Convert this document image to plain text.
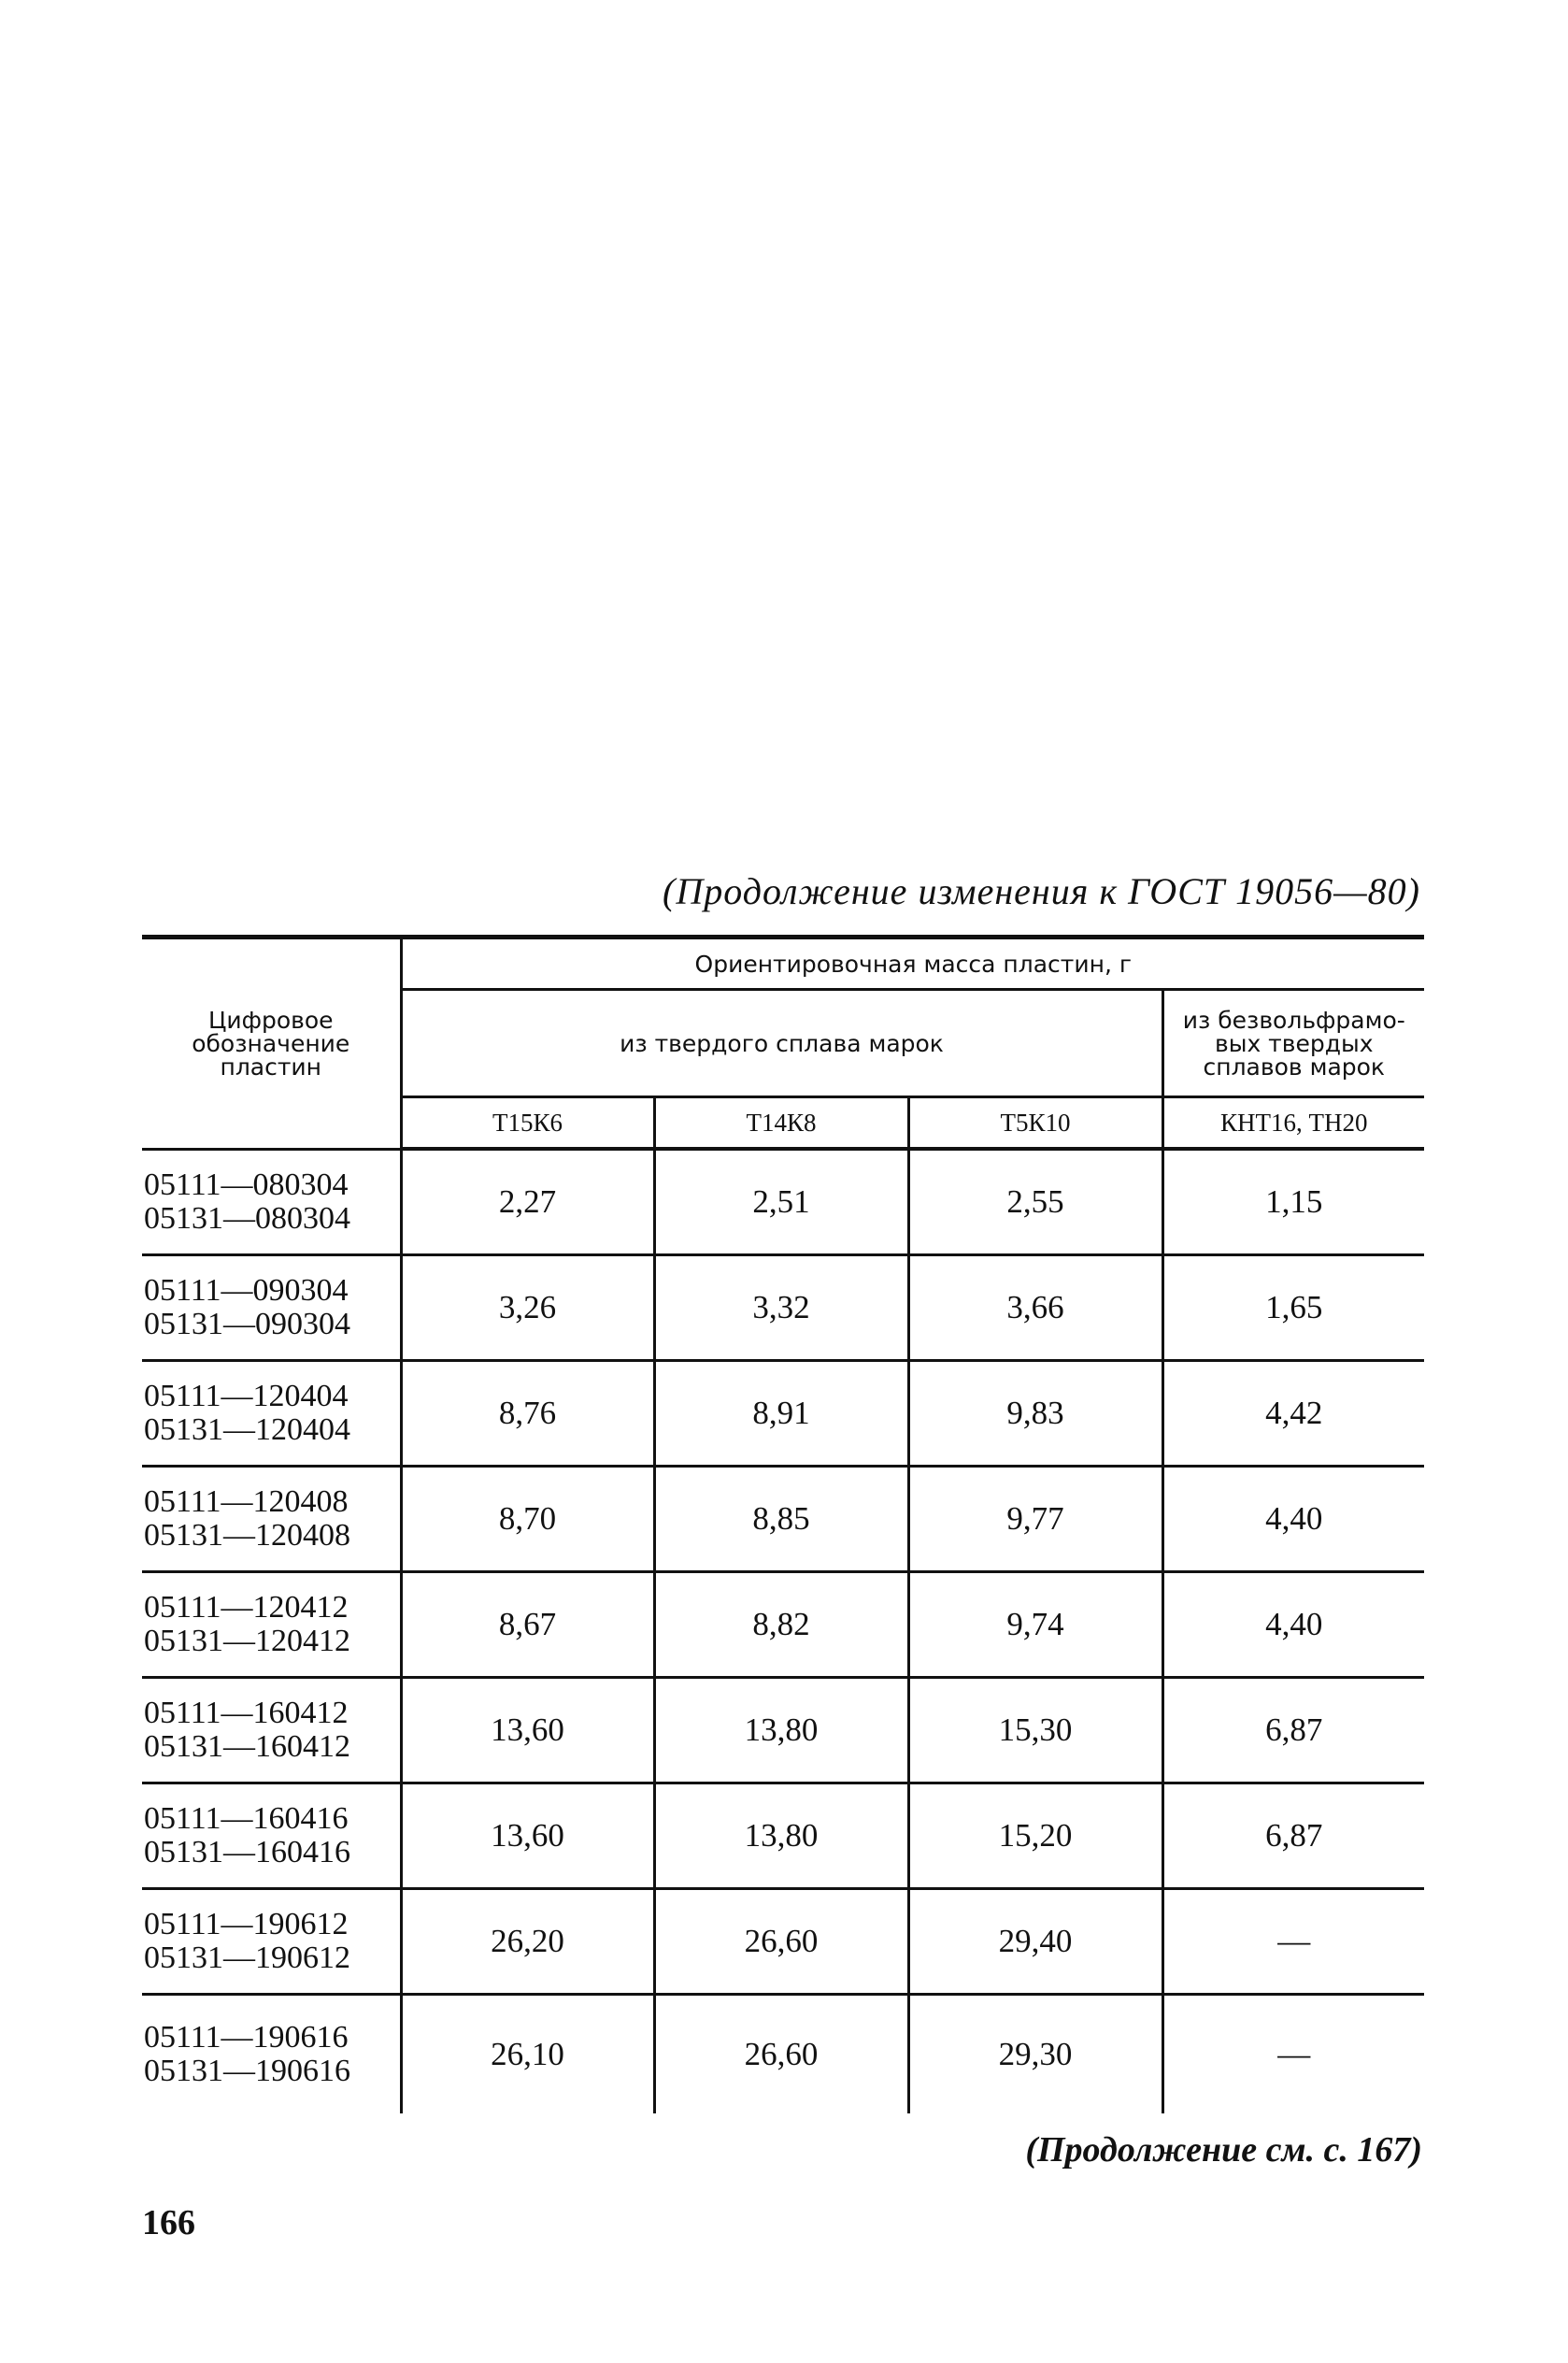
(Продолжение изменения к ГОСТ 19056—80)
Цифровое обозначение пластин	Ориентировочная масса пластин, г			
	из твердого сплава марок			из безвольфрамо-вых твердых сплавов марок
	Т15К6	Т14К8	Т5К10	КНТ16, ТН20
05111—080304
05131—080304	2,27	2,51	2,55	1,15
05111—090304
05131—090304	3,26	3,32	3,66	1,65
05111—120404
05131—120404	8,76	8,91	9,83	4,42
05111—120408
05131—120408	8,70	8,85	9,77	4,40
05111—120412
05131—120412	8,67	8,82	9,74	4,40
05111—160412
05131—160412	13,60	13,80	15,30	6,87
05111—160416
05131—160416	13,60	13,80	15,20	6,87
05111—190612
05131—190612	26,20	26,60	29,40	—
05111—190616
05131—190616	26,10	26,60	29,30	—
(Продолжение см. с. 167)
166
